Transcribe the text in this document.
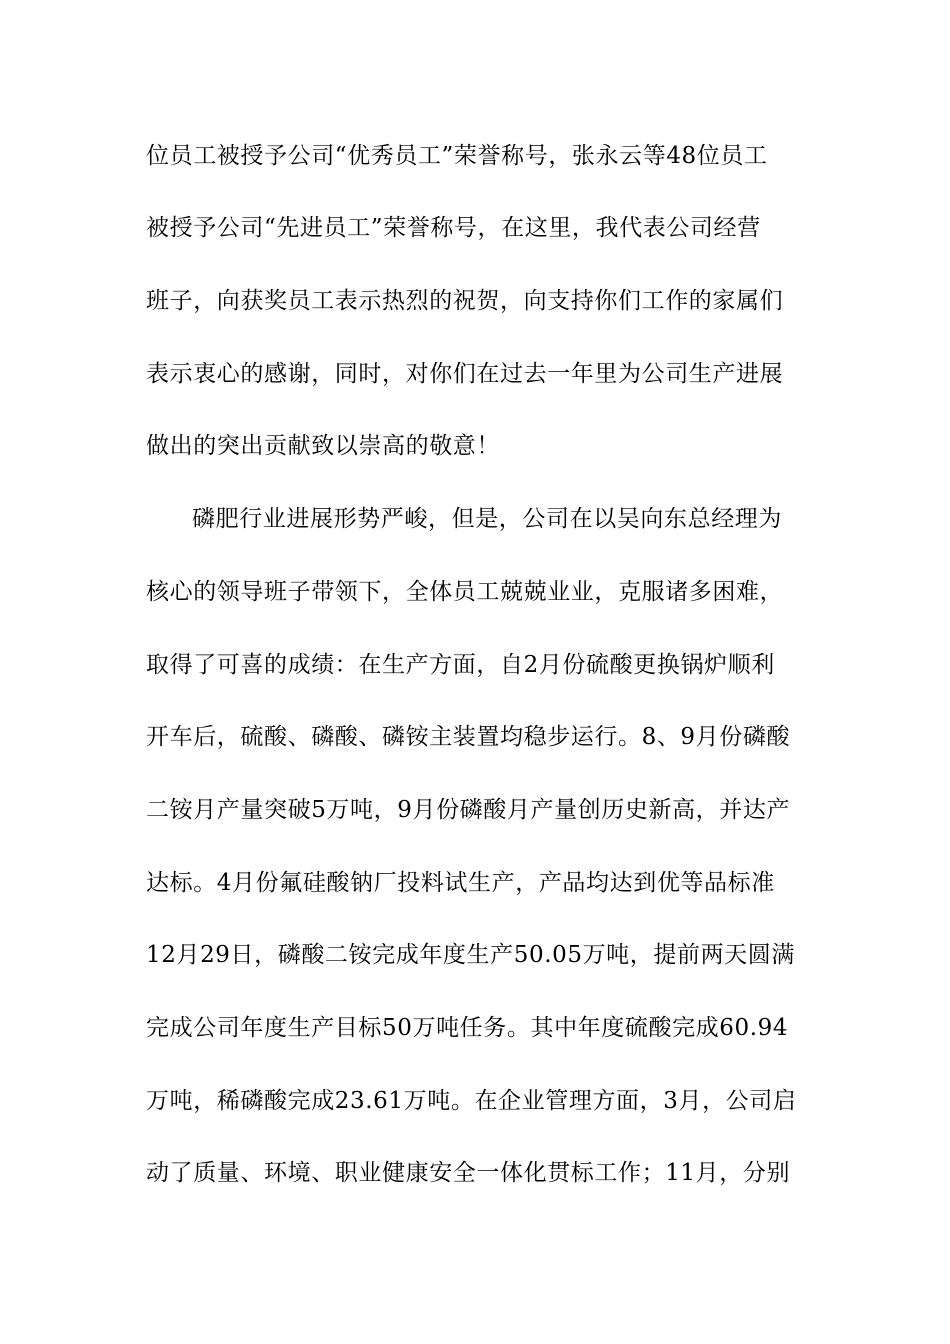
位员工被授予公司“优秀员工”荣誉称号，张永云等48位员工
被授予公司“先进员工”荣誉称号，在这里，我代表公司经营
班子，向获奖员工表示热烈的祝贺，向支持你们工作的家属们
表示衷心的感谢，同时，对你们在过去一年里为公司生产进展
做出的突出贡献致以崇高的敬意！
磷肥行业进展形势严峻，但是，公司在以吴向东总经理为
核心的领导班子带领下，全体员工兢兢业业，克服诸多困难，
取得了可喜的成绩：在生产方面，自2月份硫酸更换锅炉顺利
开车后，硫酸、磷酸、磷铵主装置均稳步运行。8、9月份磷酸
二铵月产量突破5万吨，9月份磷酸月产量创历史新高，并达产
达标。4月份氟硅酸钠厂投料试生产，产品均达到优等品标准
12月29日，磷酸二铵完成年度生产50.05万吨，提前两天圆满
完成公司年度生产目标50万吨任务。其中年度硫酸完成60.94
万吨，稀磷酸完成23.61万吨。在企业管理方面，3月，公司启
动了质量、环境、职业健康安全一体化贯标工作；11月，分别
